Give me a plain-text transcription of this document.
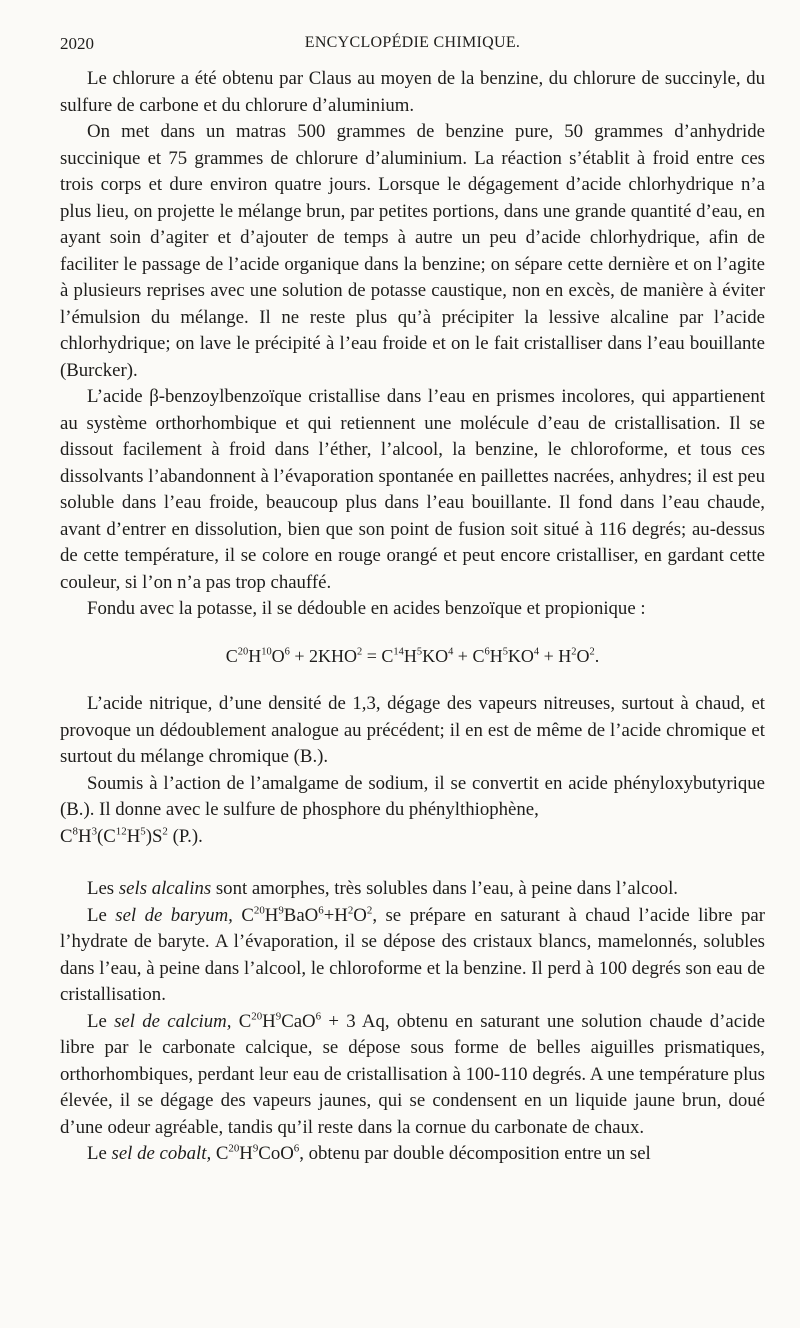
2020	ENCYCLOPÉDIE CHIMIQUE.

Le chlorure a été obtenu par Claus au moyen de la benzine, du chlorure de succinyle, du sulfure de carbone et du chlorure d’aluminium.

On met dans un matras 500 grammes de benzine pure, 50 grammes d’anhydride succinique et 75 grammes de chlorure d’aluminium. La réaction s’établit à froid entre ces trois corps et dure environ quatre jours. Lorsque le dégagement d’acide chlorhydrique n’a plus lieu, on projette le mélange brun, par petites portions, dans une grande quantité d’eau, en ayant soin d’agiter et d’ajouter de temps à autre un peu d’acide chlorhydrique, afin de faciliter le passage de l’acide organique dans la benzine; on sépare cette dernière et on l’agite à plusieurs reprises avec une solution de potasse caustique, non en excès, de manière à éviter l’émulsion du mélange. Il ne reste plus qu’à précipiter la lessive alcaline par l’acide chlorhydrique; on lave le précipité à l’eau froide et on le fait cristalliser dans l’eau bouillante (Burcker).

L’acide β-benzoylbenzoïque cristallise dans l’eau en prismes incolores, qui appartienent au système orthorhombique et qui retiennent une molécule d’eau de cristallisation. Il se dissout facilement à froid dans l’éther, l’alcool, la benzine, le chloroforme, et tous ces dissolvants l’abandonnent à l’évaporation spontanée en paillettes nacrées, anhydres; il est peu soluble dans l’eau froide, beaucoup plus dans l’eau bouillante. Il fond dans l’eau chaude, avant d’entrer en dissolution, bien que son point de fusion soit situé à 116 degrés; au-dessus de cette température, il se colore en rouge orangé et peut encore cristalliser, en gardant cette couleur, si l’on n’a pas trop chauffé.

Fondu avec la potasse, il se dédouble en acides benzoïque et propionique :

$C^{20}H^{10}O^6 + 2KHO^2 = C^{14}H^5KO^4 + C^6H^5KO^4 + H^2O^2$.

L’acide nitrique, d’une densité de 1,3, dégage des vapeurs nitreuses, surtout à chaud, et provoque un dédoublement analogue au précédent; il en est de même de l’acide chromique et surtout du mélange chromique (B.).

Soumis à l’action de l’amalgame de sodium, il se convertit en acide phényloxybutyrique (B.). Il donne avec le sulfure de phosphore du phénylthiophène,
$C^8H^3(C^{12}H^5)S^2$ (P.).

Les sels alcalins sont amorphes, très solubles dans l’eau, à peine dans l’alcool.

Le sel de baryum, $C^{20}H^9BaO^6+H^2O^2$, se prépare en saturant à chaud l’acide libre par l’hydrate de baryte. A l’évaporation, il se dépose des cristaux blancs, mamelonnés, solubles dans l’eau, à peine dans l’alcool, le chloroforme et la benzine. Il perd à 100 degrés son eau de cristallisation.

Le sel de calcium, $C^{20}H^9CaO^6 + 3$ Aq, obtenu en saturant une solution chaude d’acide libre par le carbonate calcique, se dépose sous forme de belles aiguilles prismatiques, orthorhombiques, perdant leur eau de cristallisation à 100-110 degrés. A une température plus élevée, il se dégage des vapeurs jaunes, qui se condensent en un liquide jaune brun, doué d’une odeur agréable, tandis qu’il reste dans la cornue du carbonate de chaux.

Le sel de cobalt, $C^{20}H^9CoO^6$, obtenu par double décomposition entre un sel
